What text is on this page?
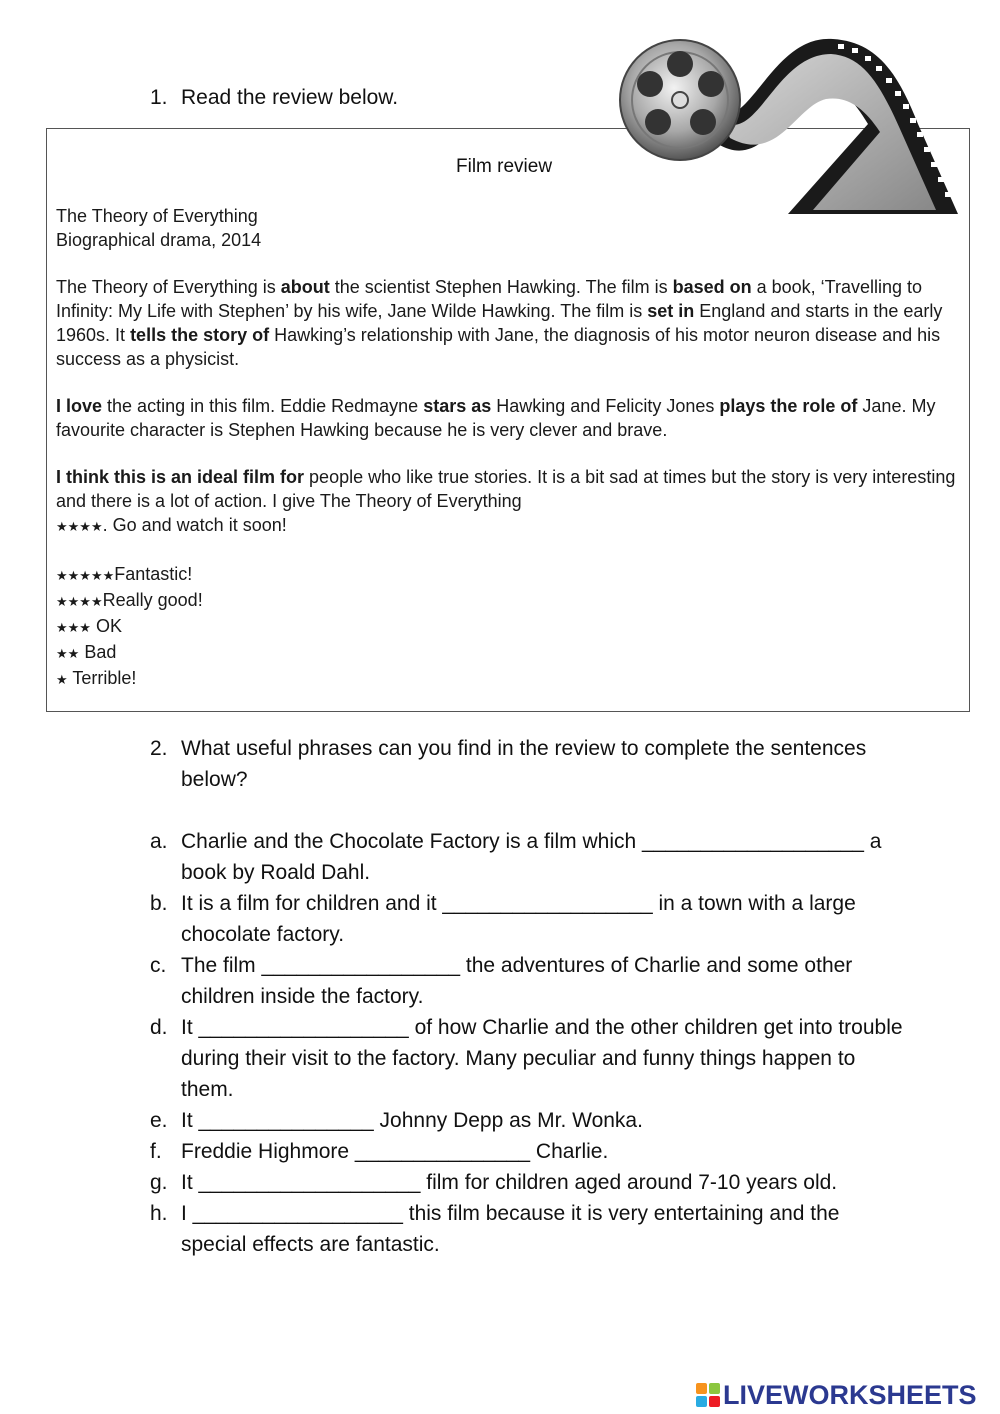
1. Read the review below.
Film review

The Theory of Everything
Biographical drama, 2014

The Theory of Everything is about the scientist Stephen Hawking. The film is based on a book, ‘Travelling to Infinity: My Life with Stephen’ by his wife, Jane Wilde Hawking. The film is set in England and starts in the early 1960s. It tells the story of Hawking’s relationship with Jane, the diagnosis of his motor neuron disease and his success as a physicist.

I love the acting in this film. Eddie Redmayne stars as Hawking and Felicity Jones plays the role of Jane. My favourite character is Stephen Hawking because he is very clever and brave.

I think this is an ideal film for people who like true stories. It is a bit sad at times but the story is very interesting and there is a lot of action. I give The Theory of Everything
★★★★. Go and watch it soon!

★★★★★Fantastic!
★★★★Really good!
★★★ OK
★★ Bad
★ Terrible!
2. What useful phrases can you find in the review to complete the sentences below?
a. Charlie and the Chocolate Factory is a film which ___________________ a book by Roald Dahl.
b. It is a film for children and it __________________ in a town with a large chocolate factory.
c. The film _________________ the adventures of Charlie and some other children inside the factory.
d. It __________________ of how Charlie and the other children get into trouble during their visit to the factory. Many peculiar and funny things happen to them.
e. It _______________ Johnny Depp as Mr. Wonka.
f. Freddie Highmore _______________ Charlie.
g. It ___________________ film for children aged around 7-10 years old.
h. I __________________ this film because it is very entertaining and the special effects are fantastic.
LIVEWORKSHEETS
